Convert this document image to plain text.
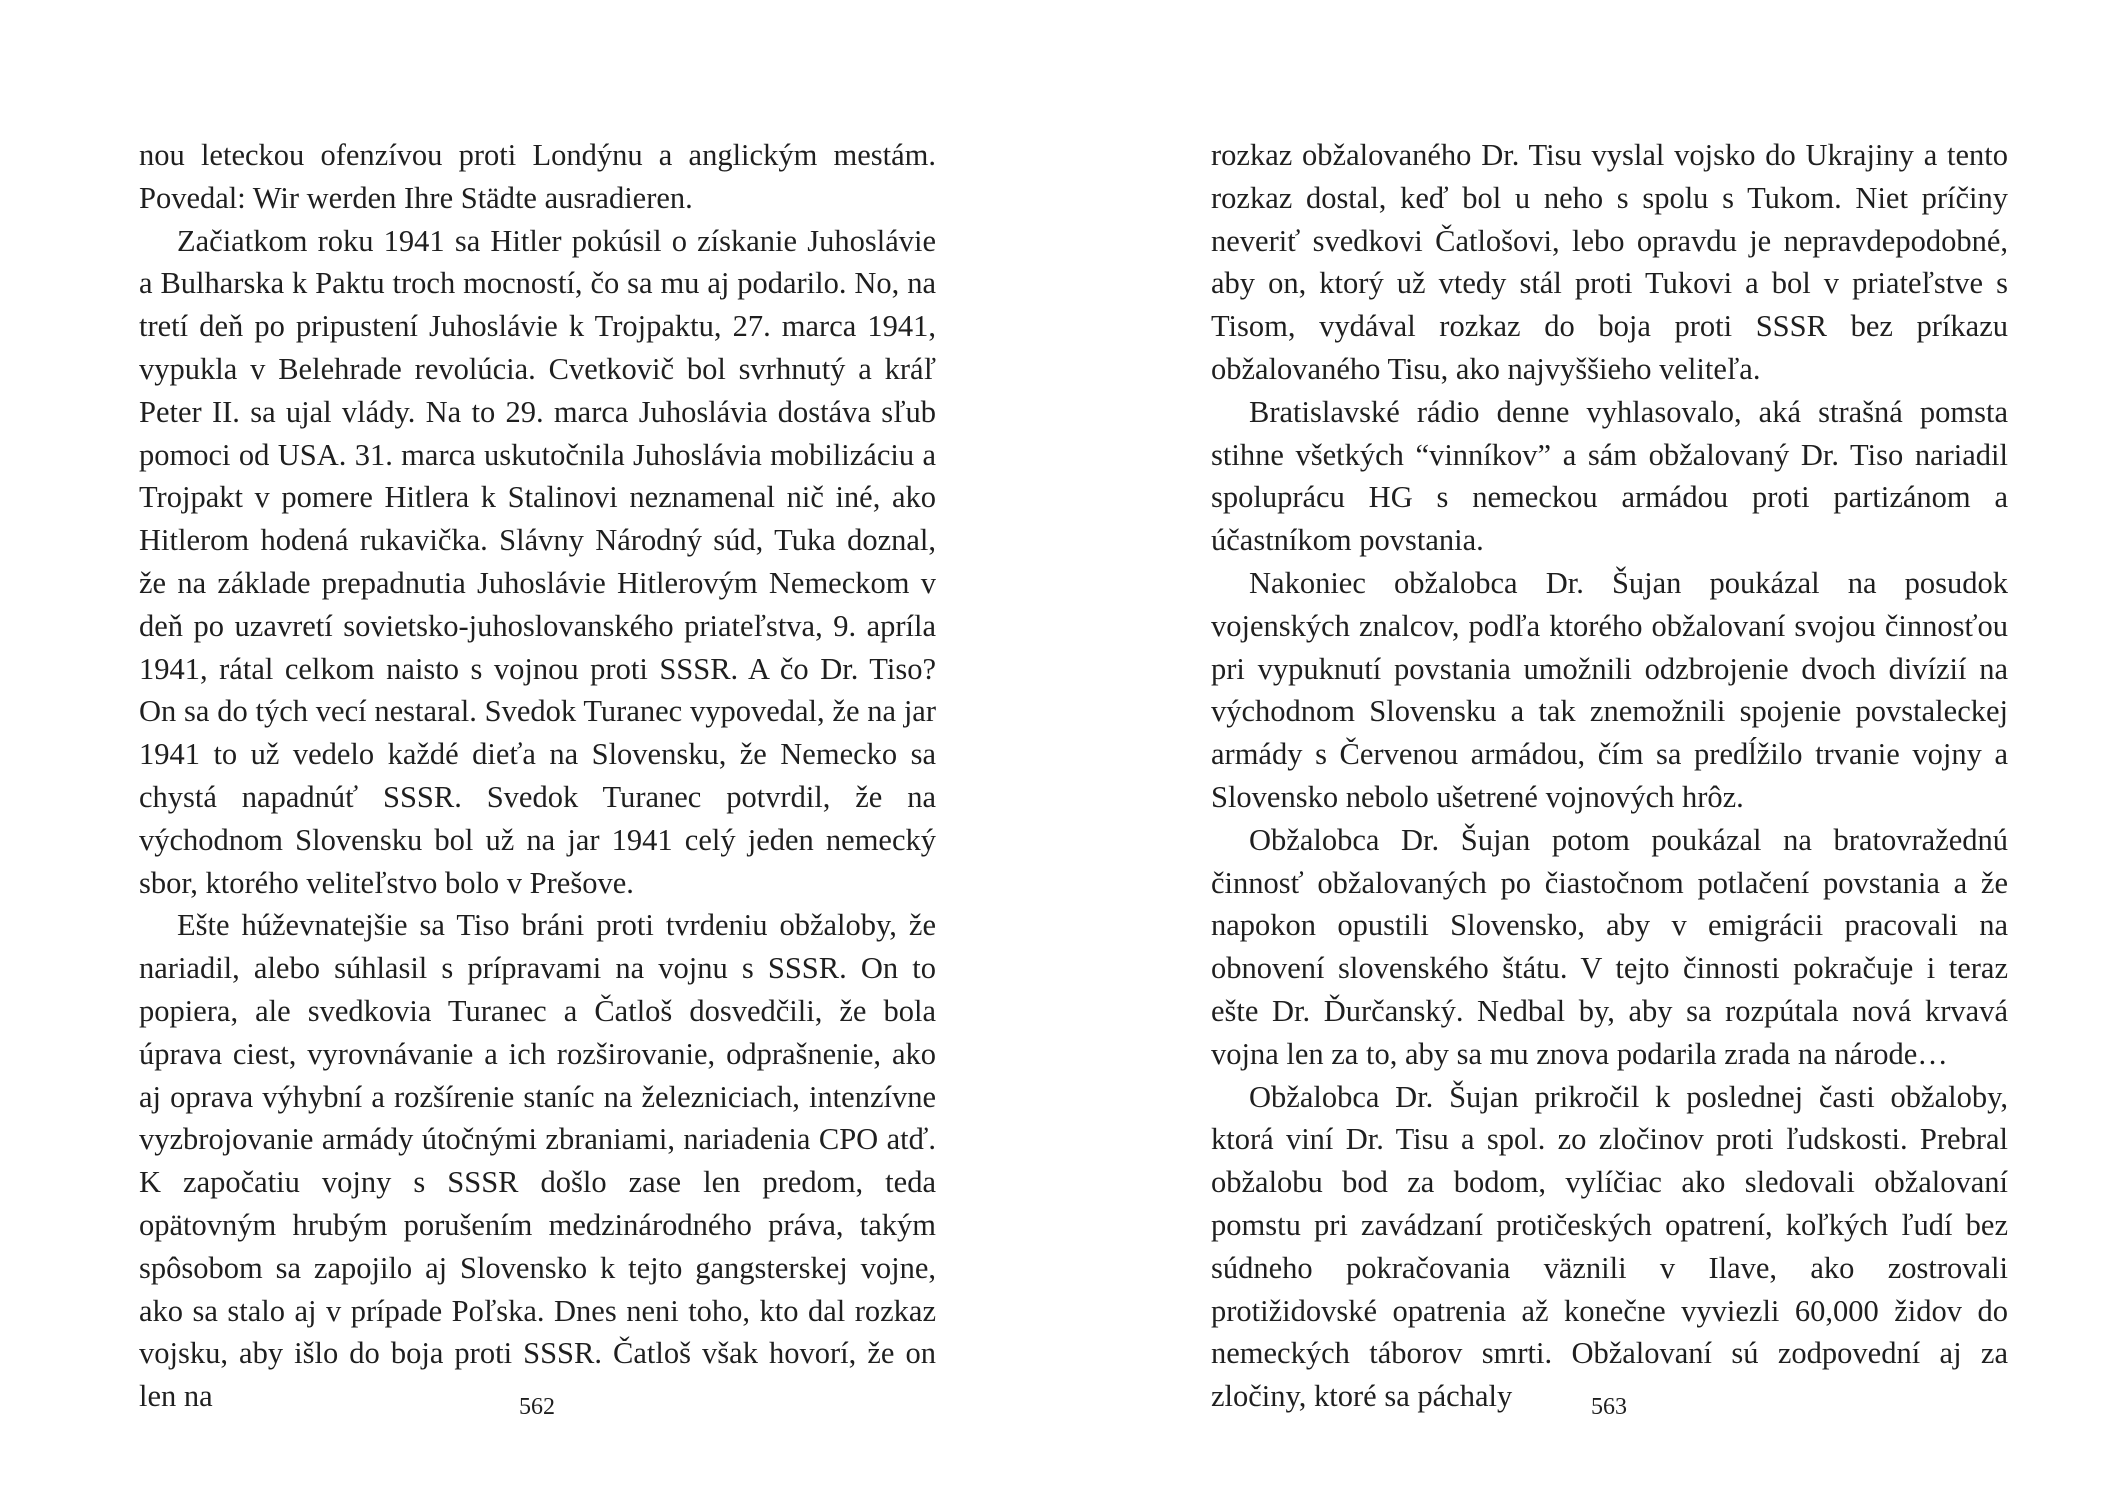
nou leteckou ofenzívou proti Londýnu a anglickým mestám. Povedal: Wir werden Ihre Städte ausradieren.

Začiatkom roku 1941 sa Hitler pokúsil o získanie Juhoslávie a Bulharska k Paktu troch mocností, čo sa mu aj podarilo. No, na tretí deň po pripustení Juhoslávie k Trojpaktu, 27. marca 1941, vypukla v Belehrade revolúcia. Cvetkovič bol svrhnutý a kráľ Peter II. sa ujal vlády. Na to 29. marca Juhoslávia dostáva sľub pomoci od USA. 31. marca uskutočnila Juhoslávia mobilizáciu a Trojpakt v pomere Hitlera k Stalinovi neznamenal nič iné, ako Hitlerom hodená rukavička. Slávny Národný súd, Tuka doznal, že na základe prepadnutia Juhoslávie Hitlerovým Nemeckom v deň po uzavretí sovietsko-juhoslovanského priateľstva, 9. apríla 1941, rátal celkom naisto s vojnou proti SSSR. A čo Dr. Tiso? On sa do tých vecí nestaral. Svedok Turanec vypovedal, že na jar 1941 to už vedelo každé dieťa na Slovensku, že Nemecko sa chystá napadnúť SSSR. Svedok Turanec potvrdil, že na východnom Slovensku bol už na jar 1941 celý jeden nemecký sbor, ktorého veliteľstvo bolo v Prešove.

Ešte húževnatejšie sa Tiso bráni proti tvrdeniu obžaloby, že nariadil, alebo súhlasil s prípravami na vojnu s SSSR. On to popiera, ale svedkovia Turanec a Čatloš dosvedčili, že bola úprava ciest, vyrovnávanie a ich rozširovanie, odprašnenie, ako aj oprava výhybní a rozšírenie staníc na železniciach, intenzívne vyzbrojovanie armády útočnými zbraniami, nariadenia CPO atď. K započatiu vojny s SSSR došlo zase len predom, teda opätovným hrubým porušením medzinárodného práva, takým spôsobom sa zapojilo aj Slovensko k tejto gangsterskej vojne, ako sa stalo aj v prípade Poľska. Dnes neni toho, kto dal rozkaz vojsku, aby išlo do boja proti SSSR. Čatloš však hovorí, že on len na	562

rozkaz obžalovaného Dr. Tisu vyslal vojsko do Ukrajiny a tento rozkaz dostal, keď bol u neho s spolu s Tukom. Niet príčiny neveriť svedkovi Čatlošovi, lebo opravdu je nepravdepodobné, aby on, ktorý už vtedy stál proti Tukovi a bol v priateľstve s Tisom, vydával rozkaz do boja proti SSSR bez príkazu obžalovaného Tisu, ako najvyššieho veliteľa.

Bratislavské rádio denne vyhlasovalo, aká strašná pomsta stihne všetkých “vinníkov” a sám obžalovaný Dr. Tiso nariadil spoluprácu HG s nemeckou armádou proti partizánom a účastníkom povstania.

Nakoniec obžalobca Dr. Šujan poukázal na posudok vojenských znalcov, podľa ktorého obžalovaní svojou činnosťou pri vypuknutí povstania umožnili odzbrojenie dvoch divízií na východnom Slovensku a tak znemožnili spojenie povstaleckej armády s Červenou armádou, čím sa predĺžilo trvanie vojny a Slovensko nebolo ušetrené vojnových hrôz.

Obžalobca Dr. Šujan potom poukázal na bratovražednú činnosť obžalovaných po čiastočnom potlačení povstania a že napokon opustili Slovensko, aby v emigrácii pracovali na obnovení slovenského štátu. V tejto činnosti pokračuje i teraz ešte Dr. Ďurčanský. Nedbal by, aby sa rozpútala nová krvavá vojna len za to, aby sa mu znova podarila zrada na národe…

Obžalobca Dr. Šujan prikročil k poslednej časti obžaloby, ktorá viní Dr. Tisu a spol. zo zločinov proti ľudskosti. Prebral obžalobu bod za bodom, vylíčiac ako sledovali obžalovaní pomstu pri zavádzaní protičeských opatrení, koľkých ľudí bez súdneho pokračovania väznili v Ilave, ako zostrovali protižidovské opatrenia až konečne vyviezli 60,000 židov do nemeckých táborov smrti. Obžalovaní sú zodpovední aj za zločiny, ktoré sa páchaly	563
